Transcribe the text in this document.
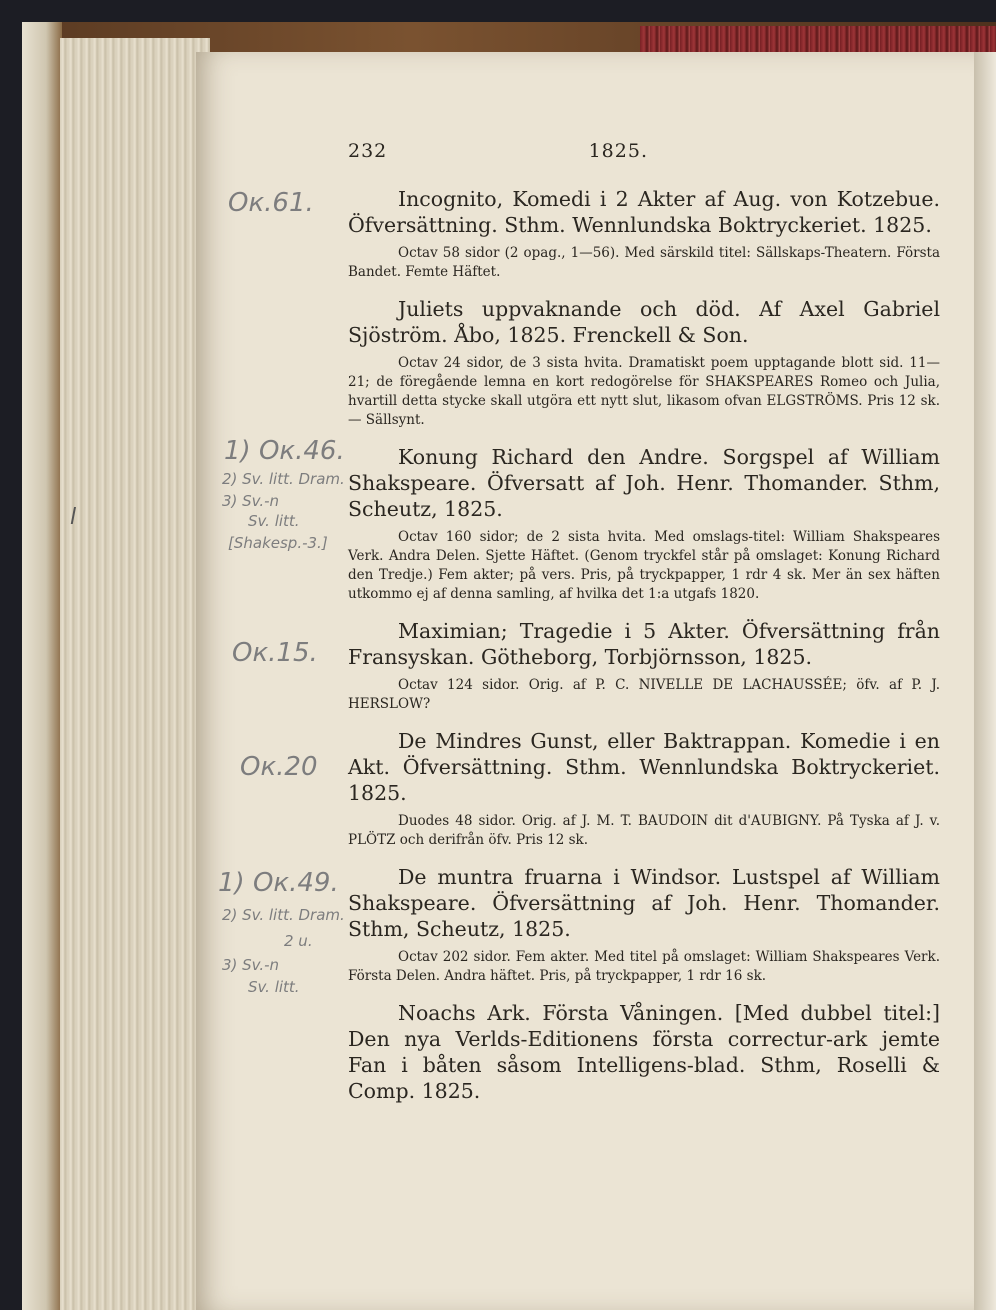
Ок.61.
1) Ок.46.
2) Sv. litt. Dram.
3) Sv.-n
Sv. litt.
[Shakesp.-3.]
Ок.15.
Ок.20
1) Ок.49.
2) Sv. litt. Dram.
2 u.
3) Sv.-n
Sv. litt.
l
232	1825.

Incognito, Komedi i 2 Akter af Aug. von Kotzebue. Öfversättning. Sthm. Wennlundska Boktryckeriet. 1825.

Octav 58 sidor (2 opag., 1—56). Med särskild titel: Sällskaps-Theatern. Första Bandet. Femte Häftet.

Juliets uppvaknande och död. Af Axel Gabriel Sjöström. Åbo, 1825. Frenckell & Son.

Octav 24 sidor, de 3 sista hvita. Dramatiskt poem upptagande blott sid. 11—21; de föregående lemna en kort redogörelse för SHAKSPEARES Romeo och Julia, hvartill detta stycke skall utgöra ett nytt slut, likasom ofvan ELGSTRÖMS. Pris 12 sk. — Sällsynt.

Konung Richard den Andre. Sorgspel af William Shakspeare. Öfversatt af Joh. Henr. Thomander. Sthm, Scheutz, 1825.

Octav 160 sidor; de 2 sista hvita. Med omslags-titel: William Shakspeares Verk. Andra Delen. Sjette Häftet. (Genom tryckfel står på omslaget: Konung Richard den Tredje.) Fem akter; på vers. Pris, på tryckpapper, 1 rdr 4 sk. Mer än sex häften utkommo ej af denna samling, af hvilka det 1:a utgafs 1820.

Maximian; Tragedie i 5 Akter. Öfversättning från Fransyskan. Götheborg, Torbjörnsson, 1825.

Octav 124 sidor. Orig. af P. C. NIVELLE DE LACHAUSSÉE; öfv. af P. J. HERSLOW?

De Mindres Gunst, eller Baktrappan. Komedie i en Akt. Öfversättning. Sthm. Wennlundska Boktryckeriet. 1825.

Duodes 48 sidor. Orig. af J. M. T. BAUDOIN dit d'AUBIGNY. På Tyska af J. v. PLÖTZ och derifrån öfv. Pris 12 sk.

De muntra fruarna i Windsor. Lustspel af William Shakspeare. Öfversättning af Joh. Henr. Thomander. Sthm, Scheutz, 1825.

Octav 202 sidor. Fem akter. Med titel på omslaget: William Shakspeares Verk. Första Delen. Andra häftet. Pris, på tryckpapper, 1 rdr 16 sk.

Noachs Ark. Första Våningen. [Med dubbel titel:] Den nya Verlds-Editionens första correctur-ark jemte Fan i båten såsom Intelligens-blad. Sthm, Roselli & Comp. 1825.
